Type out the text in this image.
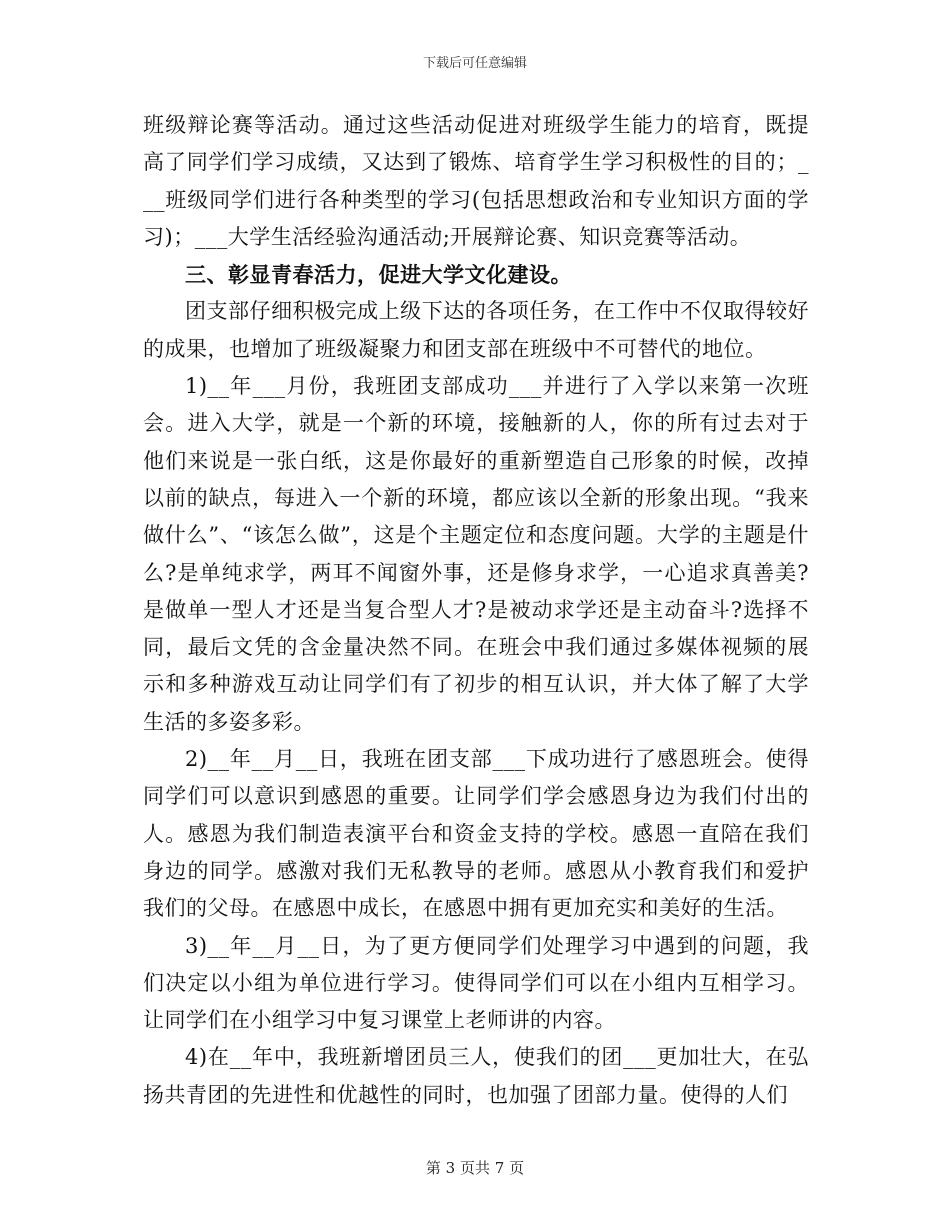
下载后可任意编辑

班级辩论赛等活动。通过这些活动促进对班级学生能力的培育，既提高了同学们学习成绩，又达到了锻炼、培育学生学习积极性的目的；___班级同学们进行各种类型的学习(包括思想政治和专业知识方面的学习)；___大学生活经验沟通活动;开展辩论赛、知识竞赛等活动。

三、彰显青春活力，促进大学文化建设。

团支部仔细积极完成上级下达的各项任务，在工作中不仅取得较好的成果，也增加了班级凝聚力和团支部在班级中不可替代的地位。

1)__年___月份，我班团支部成功___并进行了入学以来第一次班会。进入大学，就是一个新的环境，接触新的人，你的所有过去对于他们来说是一张白纸，这是你最好的重新塑造自己形象的时候，改掉以前的缺点，每进入一个新的环境，都应该以全新的形象出现。“我来做什么”、“该怎么做”，这是个主题定位和态度问题。大学的主题是什么?是单纯求学，两耳不闻窗外事，还是修身求学，一心追求真善美?是做单一型人才还是当复合型人才?是被动求学还是主动奋斗?选择不同，最后文凭的含金量决然不同。在班会中我们通过多媒体视频的展示和多种游戏互动让同学们有了初步的相互认识，并大体了解了大学生活的多姿多彩。

2)__年__月__日，我班在团支部___下成功进行了感恩班会。使得同学们可以意识到感恩的重要。让同学们学会感恩身边为我们付出的人。感恩为我们制造表演平台和资金支持的学校。感恩一直陪在我们身边的同学。感激对我们无私教导的老师。感恩从小教育我们和爱护我们的父母。在感恩中成长，在感恩中拥有更加充实和美好的生活。

3)__年__月__日，为了更方便同学们处理学习中遇到的问题，我们决定以小组为单位进行学习。使得同学们可以在小组内互相学习。让同学们在小组学习中复习课堂上老师讲的内容。

4)在__年中，我班新增团员三人，使我们的团___更加壮大，在弘扬共青团的先进性和优越性的同时，也加强了团部力量。使得的人们

第 3 页共 7 页
